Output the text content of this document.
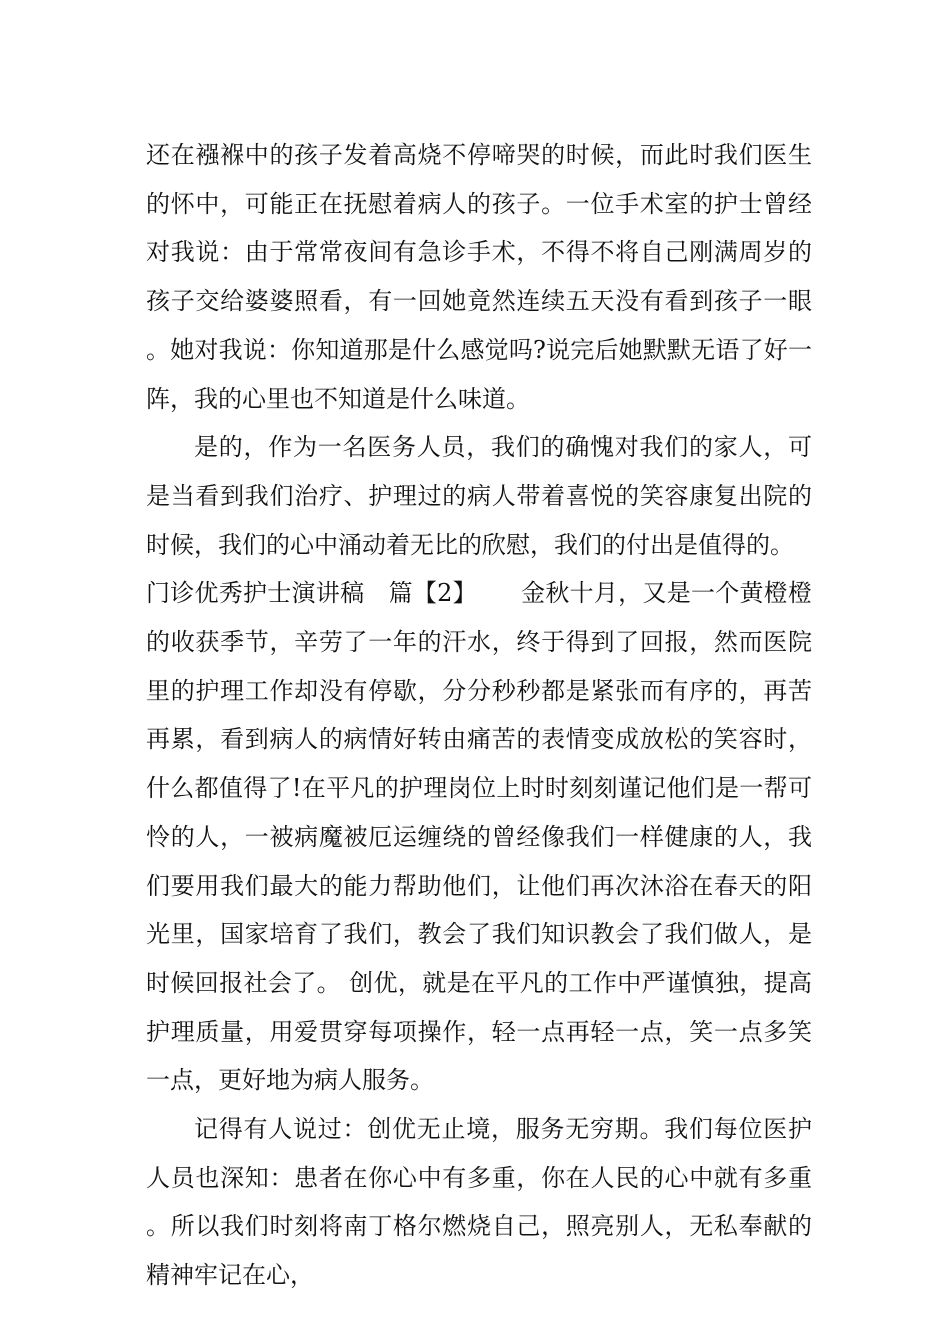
还在襁褓中的孩子发着高烧不停啼哭的时候，而此时我们医生的怀中，可能正在抚慰着病人的孩子。一位手术室的护士曾经对我说：由于常常夜间有急诊手术，不得不将自己刚满周岁的孩子交给婆婆照看，有一回她竟然连续五天没有看到孩子一眼。她对我说：你知道那是什么感觉吗?说完后她默默无语了好一阵，我的心里也不知道是什么味道。

是的，作为一名医务人员，我们的确愧对我们的家人，可是当看到我们治疗、护理过的病人带着喜悦的笑容康复出院的时候，我们的心中涌动着无比的欣慰，我们的付出是值得的。

门诊优秀护士演讲稿 篇【2】 金秋十月，又是一个黄橙橙的收获季节，辛劳了一年的汗水，终于得到了回报，然而医院里的护理工作却没有停歇，分分秒秒都是紧张而有序的，再苦再累，看到病人的病情好转由痛苦的表情变成放松的笑容时，什么都值得了!在平凡的护理岗位上时时刻刻谨记他们是一帮可怜的人，一被病魔被厄运缠绕的曾经像我们一样健康的人，我们要用我们最大的能力帮助他们，让他们再次沐浴在春天的阳光里，国家培育了我们，教会了我们知识教会了我们做人，是时候回报社会了。 创优，就是在平凡的工作中严谨慎独，提高护理质量，用爱贯穿每项操作，轻一点再轻一点，笑一点多笑一点，更好地为病人服务。

记得有人说过：创优无止境，服务无穷期。我们每位医护人员也深知：患者在你心中有多重，你在人民的心中就有多重。所以我们时刻将南丁格尔燃烧自己，照亮别人，无私奉献的精神牢记在心，
